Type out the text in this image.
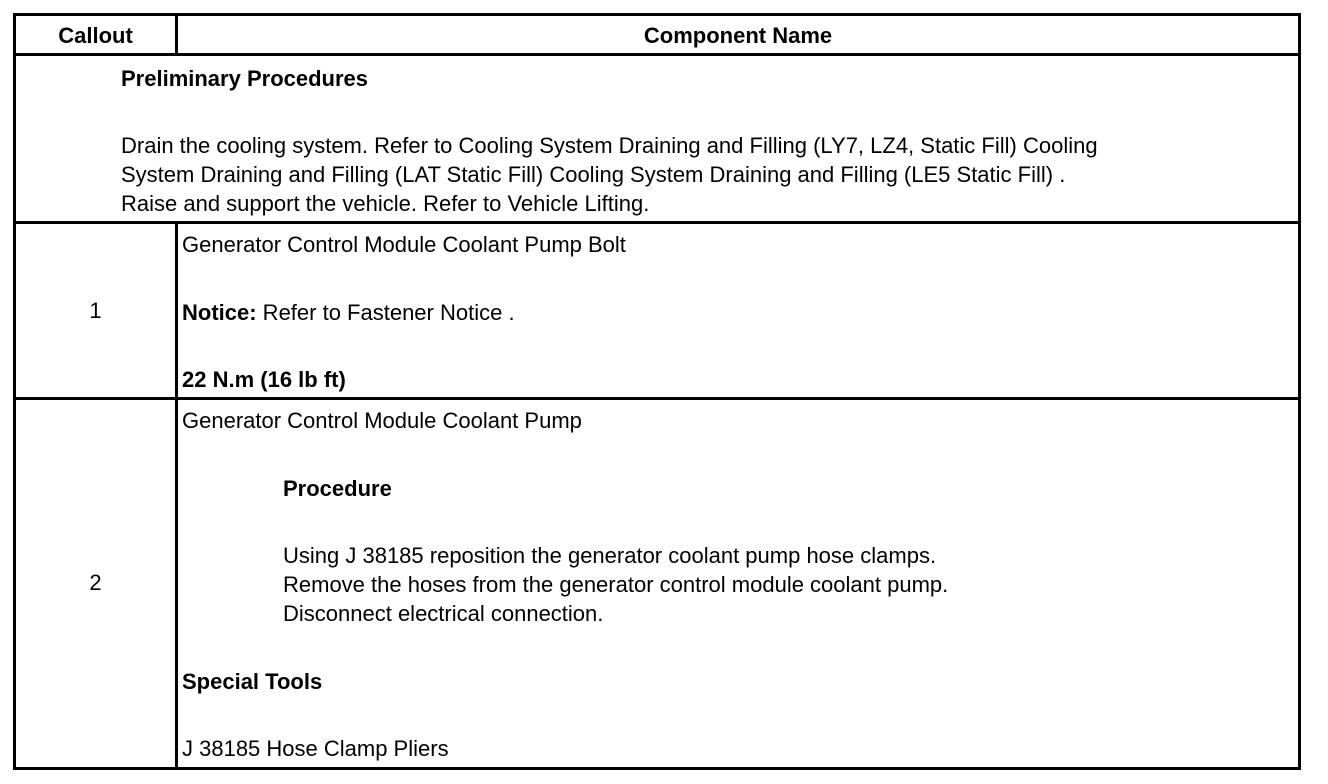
Callout	Component Name
Preliminary Procedures
Drain the cooling system. Refer to Cooling System Draining and Filling (LY7, LZ4, Static Fill) Cooling
System Draining and Filling (LAT Static Fill) Cooling System Draining and Filling (LE5 Static Fill) .
Raise and support the vehicle. Refer to Vehicle Lifting.
1
Generator Control Module Coolant Pump Bolt
Notice: Refer to Fastener Notice .
22 N.m (16 lb ft)
2
Generator Control Module Coolant Pump
Procedure
Using J 38185 reposition the generator coolant pump hose clamps.
Remove the hoses from the generator control module coolant pump.
Disconnect electrical connection.
Special Tools
J 38185 Hose Clamp Pliers
